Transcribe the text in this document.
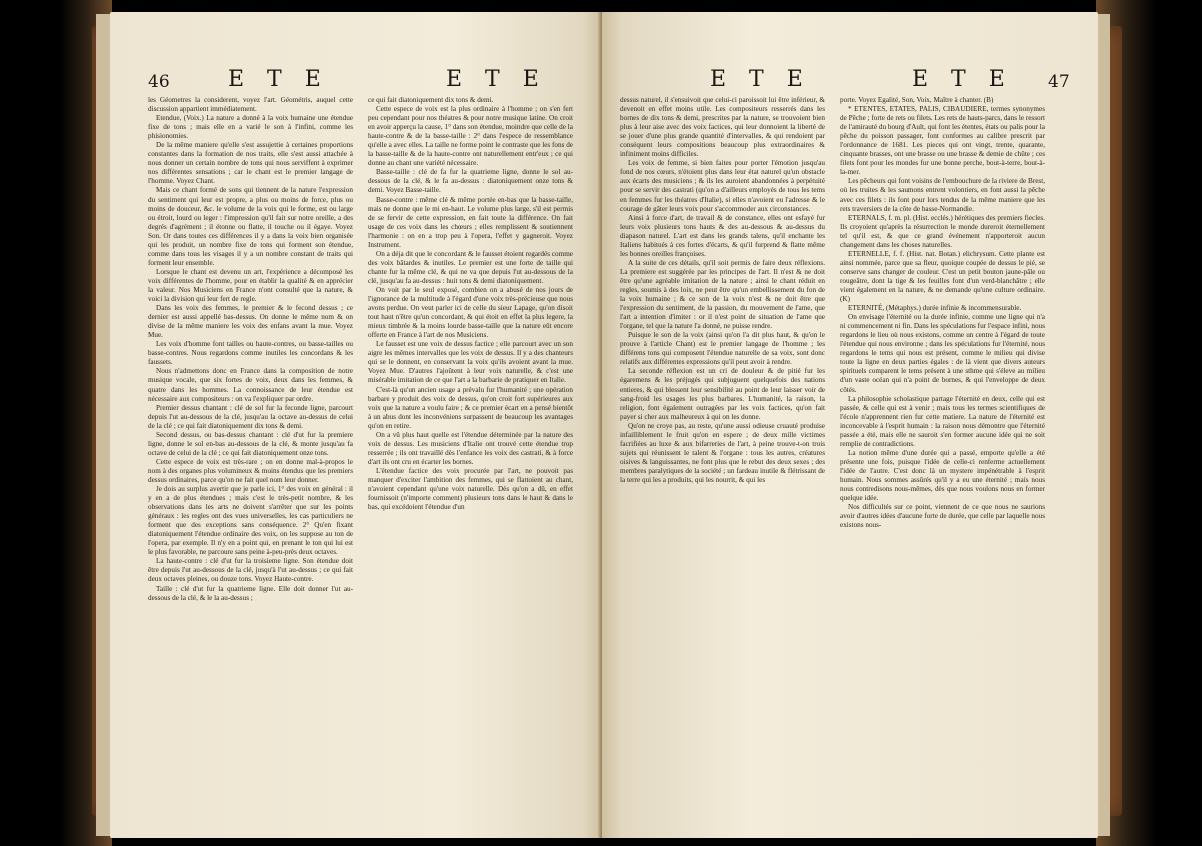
46	E T E	E T E

les Géometres la considerent, voyez l'art. Géométris, auquel cette discussion appartient immédiatement.

Etendue, (Voix.) La nature a donné à la voix humaine une étendue fixe de tons ; mais elle en a varié le son à l'infini, comme les phisionomies.

De la même maniere qu'elle s'est assujettie à certaines proportions constantes dans la formation de nos traits, elle s'est aussi attachée à nous donner un certain nombre de tons qui nous serviffent à exprimer nos différentes sensations ; car le chant est le premier langage de l'homme. Voyez Chant.

Mais ce chant formé de sons qui tiennent de la nature l'expression du sentiment qui leur est propre, a plus ou moins de force, plus ou moins de douceur, &c. le volume de la voix qui le forme, est ou large ou étroit, lourd ou leger : l'impression qu'il fait sur notre oreille, a des degrés d'agrément ; il étonne ou flatte, il touche ou il égaye. Voyez Son. Or dans toutes ces différences il y a dans la voix bien organisée qui les produit, un nombre fixe de tons qui forment son étendue, comme dans tous les visages il y a un nombre constant de traits qui forment leur ensemble.

Lorsque le chant est devenu un art, l'expérience a décomposé les voix différentes de l'homme, pour en établir la qualité & en apprécier la valeur. Nos Musiciens en France n'ont consulté que la nature, & voici la division qui leur fert de regle.

Dans les voix des femmes, le premier & le fecond dessus ; ce dernier est aussi appellé bas-dessus. On donne le même nom & on divise de la même maniere les voix des enfans avant la mue. Voyez Mue.

Les voix d'homme font tailles ou haute-contres, ou basse-tailles ou basse-contres. Nous regardons comme inutiles les concordans & les faussets.

Nous n'admettons donc en France dans la composition de notre musique vocale, que six fortes de voix, deux dans les femmes, & quatre dans les hommes. La connoissance de leur étendue est nécessaire aux compositeurs : on va l'expliquer par ordre.

Premier dessus chantant : clé de sol fur la feconde ligne, parcourt depuis l'ut au-dessous de la clé, jusqu'au la octave au-dessus de celui de la clé ; ce qui fait diatoniquement dix tons & demi.

Second dessus, ou bas-dessus chantant : clé d'ut fur la premiere ligne, donne le sol en-bas au-dessous de la clé, & monte jusqu'au fa octave de celui de la clé ; ce qui fait diatoniquement onze tons.

Cette espece de voix est très-rare ; on en donne mal-à-propos le nom à des organes plus volumineux & moins étendus que les premiers dessus ordinaires, parce qu'on ne fait quel nom leur donner.

Je dois au surplus avertir que je parle ici, 1° des voix en général : il y en a de plus étendues ; mais c'est le très-petit nombre, & les observations dans les arts ne doivent s'arrêter que sur les points généraux : les regles ont des vues universelles, les cas particuliers ne forment que des exceptions sans conséquence. 2° Qu'en fixant diatoniquement l'étendue ordinaire des voix, on les suppose au ton de l'opera, par exemple. Il n'y en a point qui, en prenant le ton qui lui est le plus favorable, ne parcoure sans peine à-peu-près deux octaves.

La haute-contre : clé d'ut fur la troisieme ligne. Son étendue doit être depuis l'ut au-dessous de la clé, jusqu'à l'ut au-dessus ; ce qui fait deux octaves pleines, ou douze tons. Voyez Haute-contre.

Taille : clé d'ut fur la quatrieme ligne. Elle doit donner l'ut au-dessous de la clé, & le la au-dessus ;

ce qui fait diatoniquement dix tons & demi.

Cette espece de voix est la plus ordinaire à l'homme ; on s'en fert peu cependant pour nos théatres & pour notre musique latine. On croit en avoir apperçu la cause, 1° dans son étendue, moindre que celle de la haute-contre & de la basse-taille : 2° dans l'espece de ressemblance qu'elle a avec elles. La taille ne forme point le contraste que les fons de la basse-taille & de la haute-contre ont naturellement entr'eux ; ce qui donne au chant une variété nécessaire.

Basse-taille : clé de fa fur la quatrieme ligne, donne le sol au-dessous de la clé, & le fa au-dessus : diatoniquement onze tons & demi. Voyez Basse-taille.

Basse-contre : même clé & même portée en-bas que la basse-taille, mais ne donne que le mi en-haut. Le volume plus large, s'il est permis de se fervir de cette expression, en fait toute la différence. On fait usage de ces voix dans les chœurs ; elles remplissent & soutiennent l'harmonie : on en a trop peu à l'opera, l'effet y gagneroit. Voyez Instrument.

On a déja dit que le concordant & le fausset étoient regardés comme des voix bâtardes & inutiles. Le premier est une forte de taille qui chante fur la même clé, & qui ne va que depuis l'ut au-dessous de la clé, jusqu'au fa au-dessus : huit tons & demi diatoniquement.

On voit par le seul exposé, combien on a abusé de nos jours de l'ignorance de la multitude à l'égard d'une voix très-précieuse que nous avons perdue. On veut parler ici de celle du sieur Lapage, qu'on disoit tout haut n'être qu'un concordant, & qui étoit en effet la plus legere, la mieux timbrée & la moins lourde basse-taille que la nature eût encore offerte en France à l'art de nos Musiciens.

Le fausset est une voix de dessus factice ; elle parcourt avec un son aigre les mêmes intervalles que les voix de dessus. Il y a des chanteurs qui se le donnent, en conservant la voix qu'ils avoient avant la mue. Voyez Mue. D'autres l'ajoûtent à leur voix naturelle, & c'est une misérable imitation de ce que l'art a la barbarie de pratiquer en Italie.

C'est-là qu'un ancien usage a prévalu fur l'humanité ; une opération barbare y produit des voix de dessus, qu'on croit fort supérieures aux voix que la nature a voulu faire ; & ce premier écart en a pensé bientôt à un abus dont les inconvéniens surpassent de beaucoup les avantages qu'on en retire.

On a vû plus haut quelle est l'étendue déterminée par la nature des voix de dessus. Les musiciens d'Italie ont trouvé cette étendue trop resserrée ; ils ont travaillé dès l'enfance les voix des castrati, & à force d'art ils ont cru en écarter les bornes.

L'étendue factice des voix procurée par l'art, ne pouvoit pas manquer d'exciter l'ambition des femmes, qui se flattoient au chant, n'avoient cependant qu'une voix naturelle. Dès qu'on a dû, en effet fournissoit (n'importe comment) plusieurs tons dans le haut & dans le bas, qui excédoient l'étendue d'un

47
E T E	E T E

dessus naturel, il s'ensuivoit que celui-ci paroissoit lui être inférieur, & devenoit en effet moins utile. Les compositeurs resserrés dans les bornes de dix tons & demi, prescrites par la nature, se trouvoient bien plus à leur aise avec des voix factices, qui leur donnoient la liberté de se jouer d'une plus grande quantité d'intervalles, & qui rendoient par conséquent leurs compositions beaucoup plus extraordinaires & infiniment moins difficiles.

Les voix de femme, si bien faites pour porter l'émotion jusqu'au fond de nos cœurs, n'étoient plus dans leur état naturel qu'un obstacle aux écarts des musiciens ; & ils les auroient abandonnées à perpétuité pour se servir des castrati (qu'on a d'ailleurs employés de tous les tems en femmes fur les théatres d'Italie), si elles n'avoient eu l'adresse & le courage de gâter leurs voix pour s'accommoder aux circonstances.

Ainsi à force d'art, de travail & de constance, elles ont esfayé fur leurs voix plusieurs tons hauts & des au-dessous & au-dessus du diapason naturel. L'art est dans les grands talens, qu'il enchante les Italiens habitués à ces fortes d'écarts, & qu'il furprend & flatte même les bonnes oreilles françoises.

A la suite de ces détails, qu'il soit permis de faire deux réflexions. La premiere est suggérée par les principes de l'art. Il n'est & ne doit être qu'une agréable imitation de la nature ; ainsi le chant réduit en regles, soumis à des loix, ne peut être qu'un embellissement du fon de la voix humaine ; & ce son de la voix n'est & ne doit être que l'expression du sentiment, de la passion, du mouvement de l'ame, que l'art a intention d'imiter : or il n'est point de situation de l'ame que l'organe, tel que la nature l'a donné, ne puisse rendre.

Puisque le son de la voix (ainsi qu'on l'a dit plus haut, & qu'on le prouve à l'article Chant) est le premier langage de l'homme ; les différens tons qui composent l'étendue naturelle de sa voix, sont donc relatifs aux différentes expressions qu'il peut avoir à rendre.

La seconde réflexion est un cri de douleur & de pitié fur les égaremens & les préjugés qui subjuguent quelquefois des nations entieres, & qui blessent leur sensibilité au point de leur laisser voir de sang-froid les usages les plus barbares. L'humanité, la raison, la religion, font également outragées par les voix factices, qu'on fait payer si cher aux malheureux à qui on les donne.

Qu'on ne croye pas, au reste, qu'une aussi odieuse cruauté produise infailliblement le fruit qu'on en espere ; de deux mille victimes facrifiées au luxe & aux bifarreries de l'art, à peine trouve-t-on trois sujets qui réunissent le talent & l'organe : tous les autres, créatures oisives & languissantes, ne font plus que le rebut des deux sexes ; des membres paralytiques de la société ; un fardeau inutile & flétrissant de la terre qui les a produits, qui les nourrit, & qui les

porte. Voyez Egalité, Son, Voix, Maître à chanter. (B)

* ETENTES, ETATES, PALIS, CIBAUDIERE, termes synonymes de Pêche ; forte de rets ou filets. Les rets de hauts-parcs, dans le ressort de l'amirauté du bourg d'Ault, qui font les étentes, états ou palis pour la pêche du poisson passager, font conformes au calibre prescrit par l'ordonnance de 1681. Les pieces qui ont vingt, trente, quarante, cinquante brasses, ont une brasse ou une brasse & demie de chûte ; ces filets font pour les mondes fur une bonne perche, bout-à-terre, bout-à-la-mer.

Les pêcheurs qui font voisins de l'embouchure de la riviere de Brest, où les truites & les saumons entrent volontiers, en font aussi la pêche avec ces filets : ils font pour lors tendus de la même maniere que les rets traversiers de la côte de basse-Normandie.

ETERNALS, f. m. pl. (Hist. ecclés.) hérétiques des premiers fiecles. Ils croyoient qu'après la résurrection le monde dureroit éternellement tel qu'il est, & que ce grand événement n'apporteroit aucun changement dans les choses naturelles.

ETERNELLE, f. f. (Hist. nat. Botan.) elichrysum. Cette plante est ainsi nommée, parce que sa fleur, quoique coupée de dessus le pié, se conserve sans changer de couleur. C'est un petit bouton jaune-pâle ou rougeâtre, dont la tige & les feuilles font d'un verd-blanchâtre ; elle vient également en la nature, & ne demande qu'une culture ordinaire. (K)

ETERNITÉ, (Métaphys.) durée infinie & incommensurable.

On envisage l'éternité ou la durée infinie, comme une ligne qui n'a ni commencement ni fin. Dans les spéculations fur l'espace infini, nous regardons le lieu où nous existons, comme un centre à l'égard de toute l'étendue qui nous environne ; dans les spéculations fur l'éternité, nous regardons le tems qui nous est présent, comme le milieu qui divise toute la ligne en deux parties égales : de là vient que divers auteurs spirituels comparent le tems présent à une sthme qui s'éleve au milieu d'un vaste océan qui n'a point de bornes, & qui l'enveloppe de deux côtés.

La philosophie scholastique partage l'éternité en deux, celle qui est passée, & celle qui est à venir ; mais tous les termes scientifiques de l'école n'apprennent rien fur cette matiere. La nature de l'éternité est inconcevable à l'esprit humain : la raison nous démontre que l'éternité passée a été, mais elle ne sauroit s'en former aucune idée qui ne soit remplie de contradictions.

La notion même d'une durée qui a passé, emporte qu'elle a été présente une fois, puisque l'idée de celle-ci renferme actuellement l'idée de l'autre. C'est donc là un mystere impénétrable à l'esprit humain. Nous sommes assûrés qu'il y a eu une éternité ; mais nous nous contredisons nous-mêmes, dès que nous voulons nous en former quelque idée.

Nos difficultés sur ce point, viennent de ce que nous ne saurions avoir d'autres idées d'aucune forte de durée, que celle par laquelle nous existons nous-
